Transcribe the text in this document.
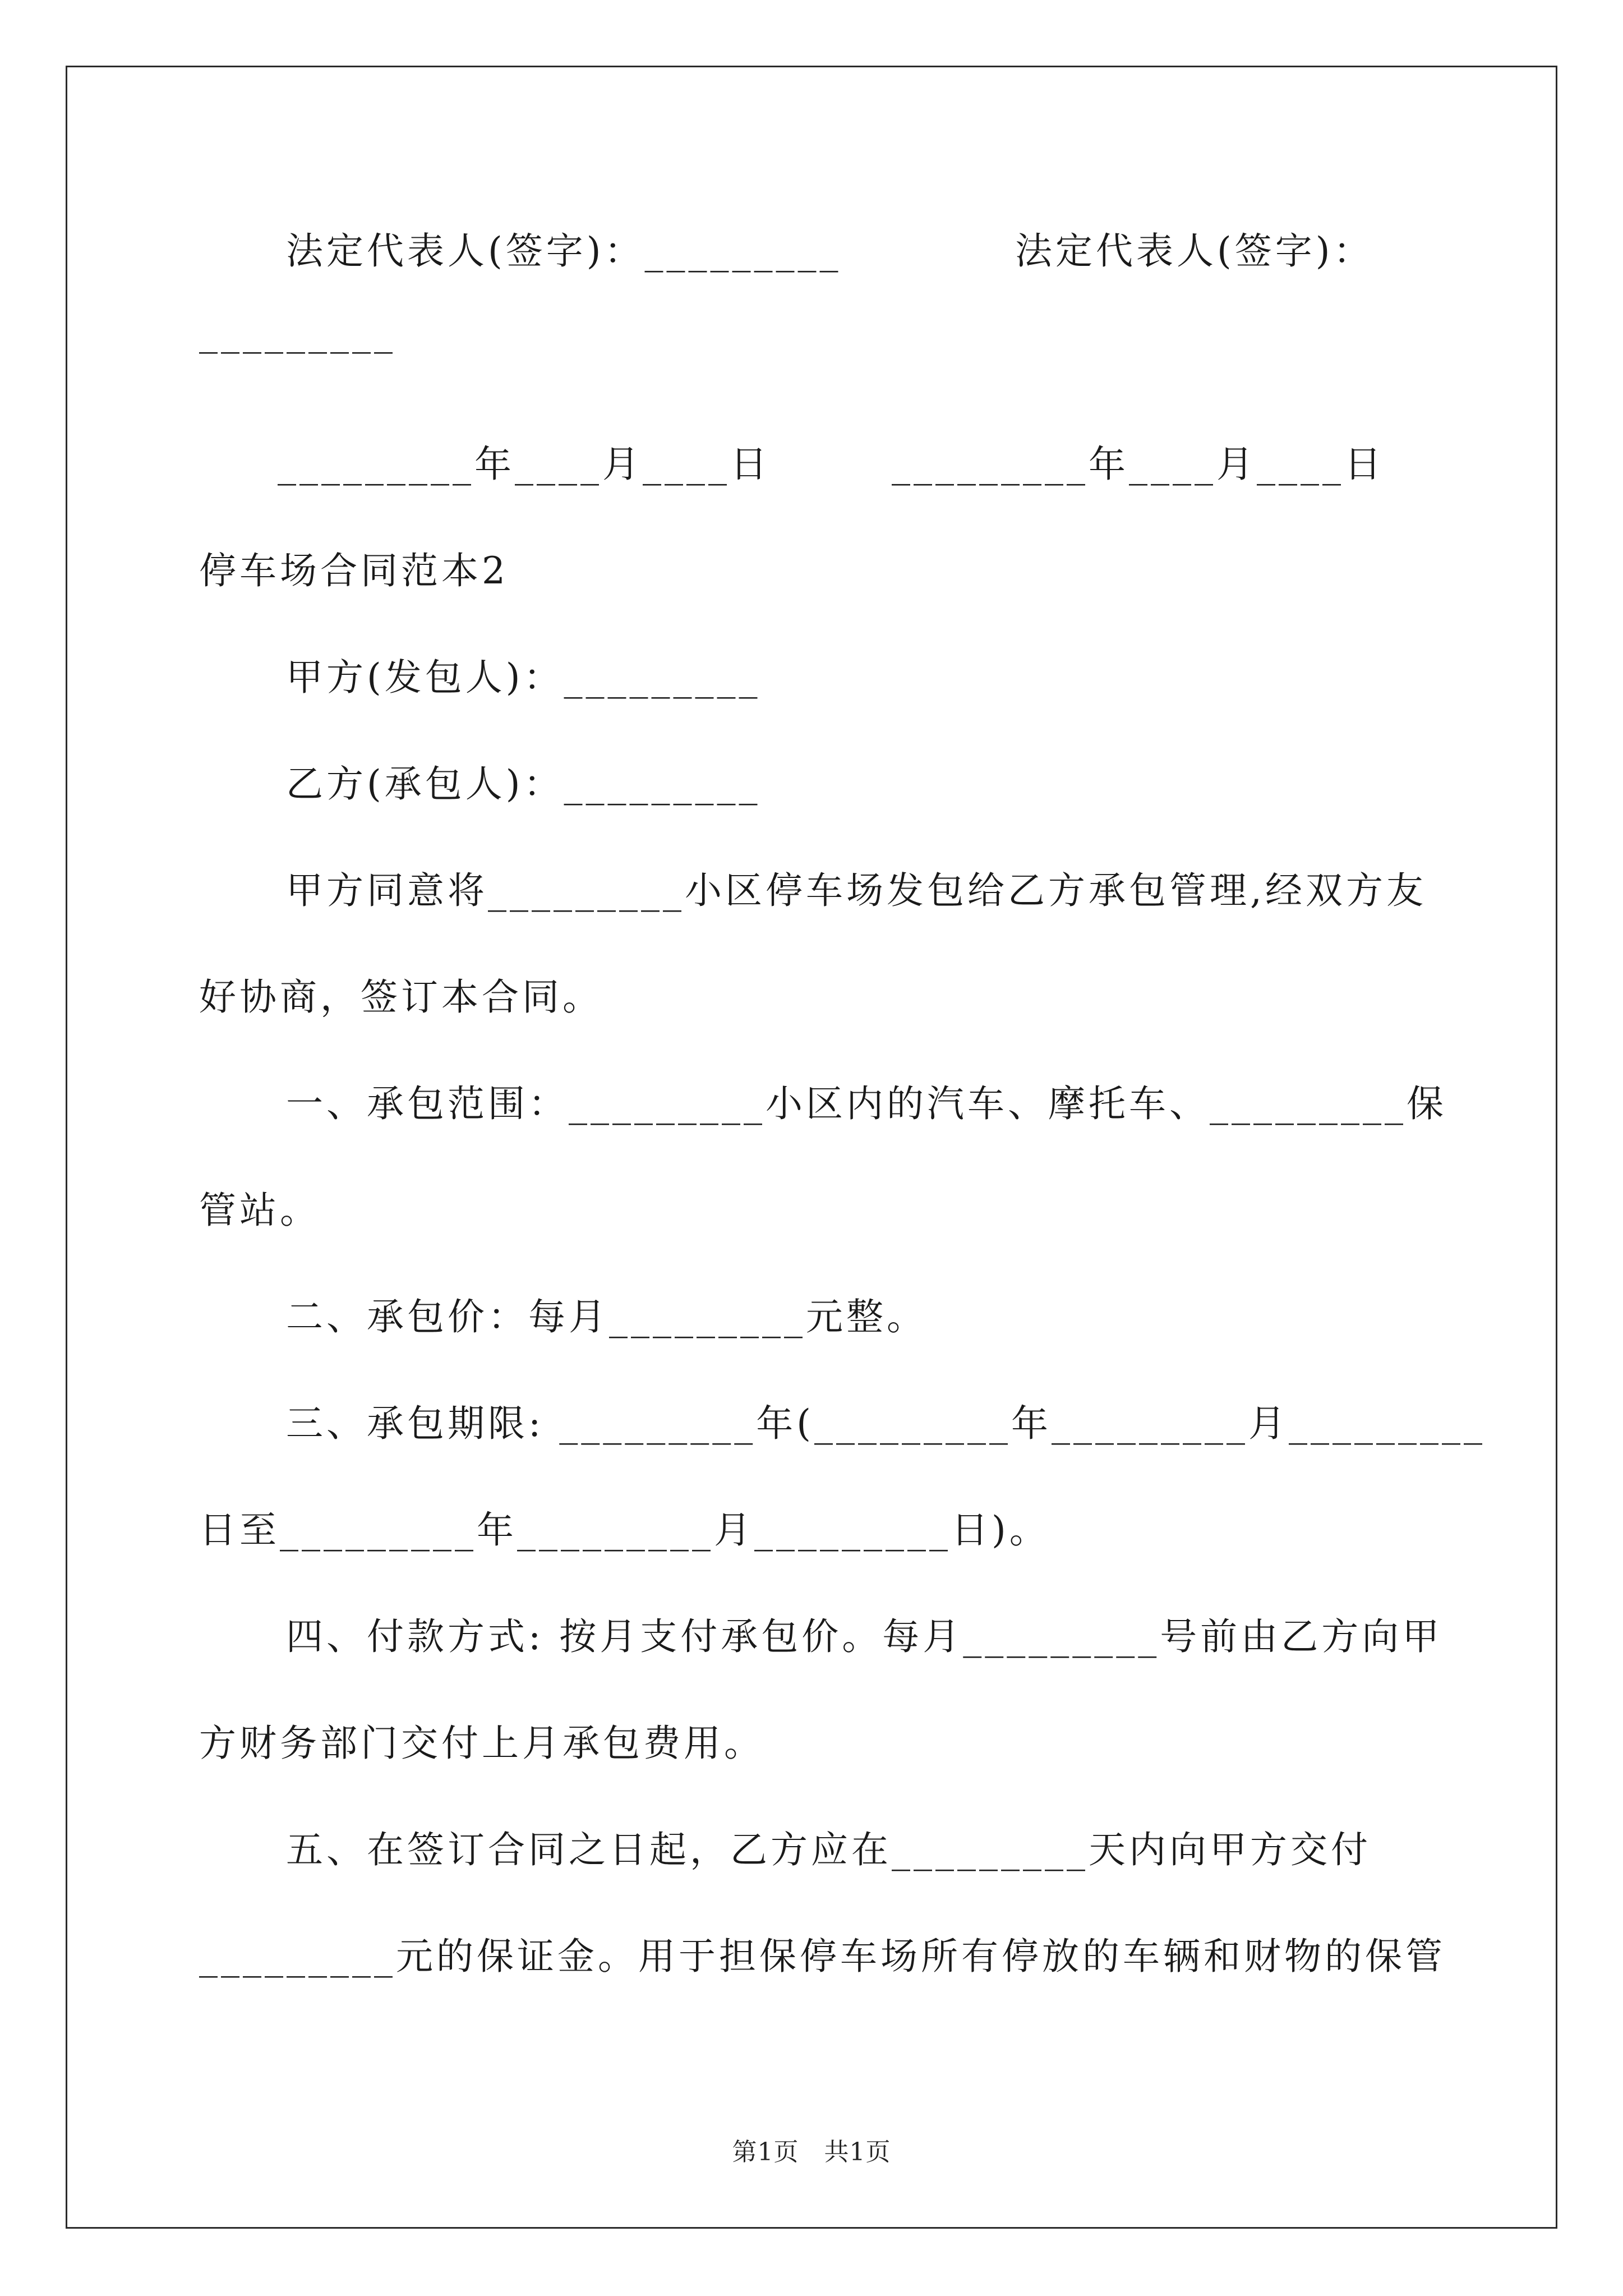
法定代表人(签字)：_________	法定代表人(签字)：
_________
_________年____月____日	_________年____月____日
停车场合同范本2
甲方(发包人)：_________
乙方(承包人)：_________
甲方同意将_________小区停车场发包给乙方承包管理,经双方友
好协商，签订本合同。
一、承包范围：_________小区内的汽车、摩托车、_________保
管站。
二、承包价：每月_________元整。
三、承包期限: _________年(_________年_________月_________
日至_________年_________月_________日)。
四、付款方式: 按月支付承包价。每月_________号前由乙方向甲
方财务部门交付上月承包费用。
五、在签订合同之日起，乙方应在_________天内向甲方交付
_________元的保证金。用于担保停车场所有停放的车辆和财物的保管
第1页　共1页
